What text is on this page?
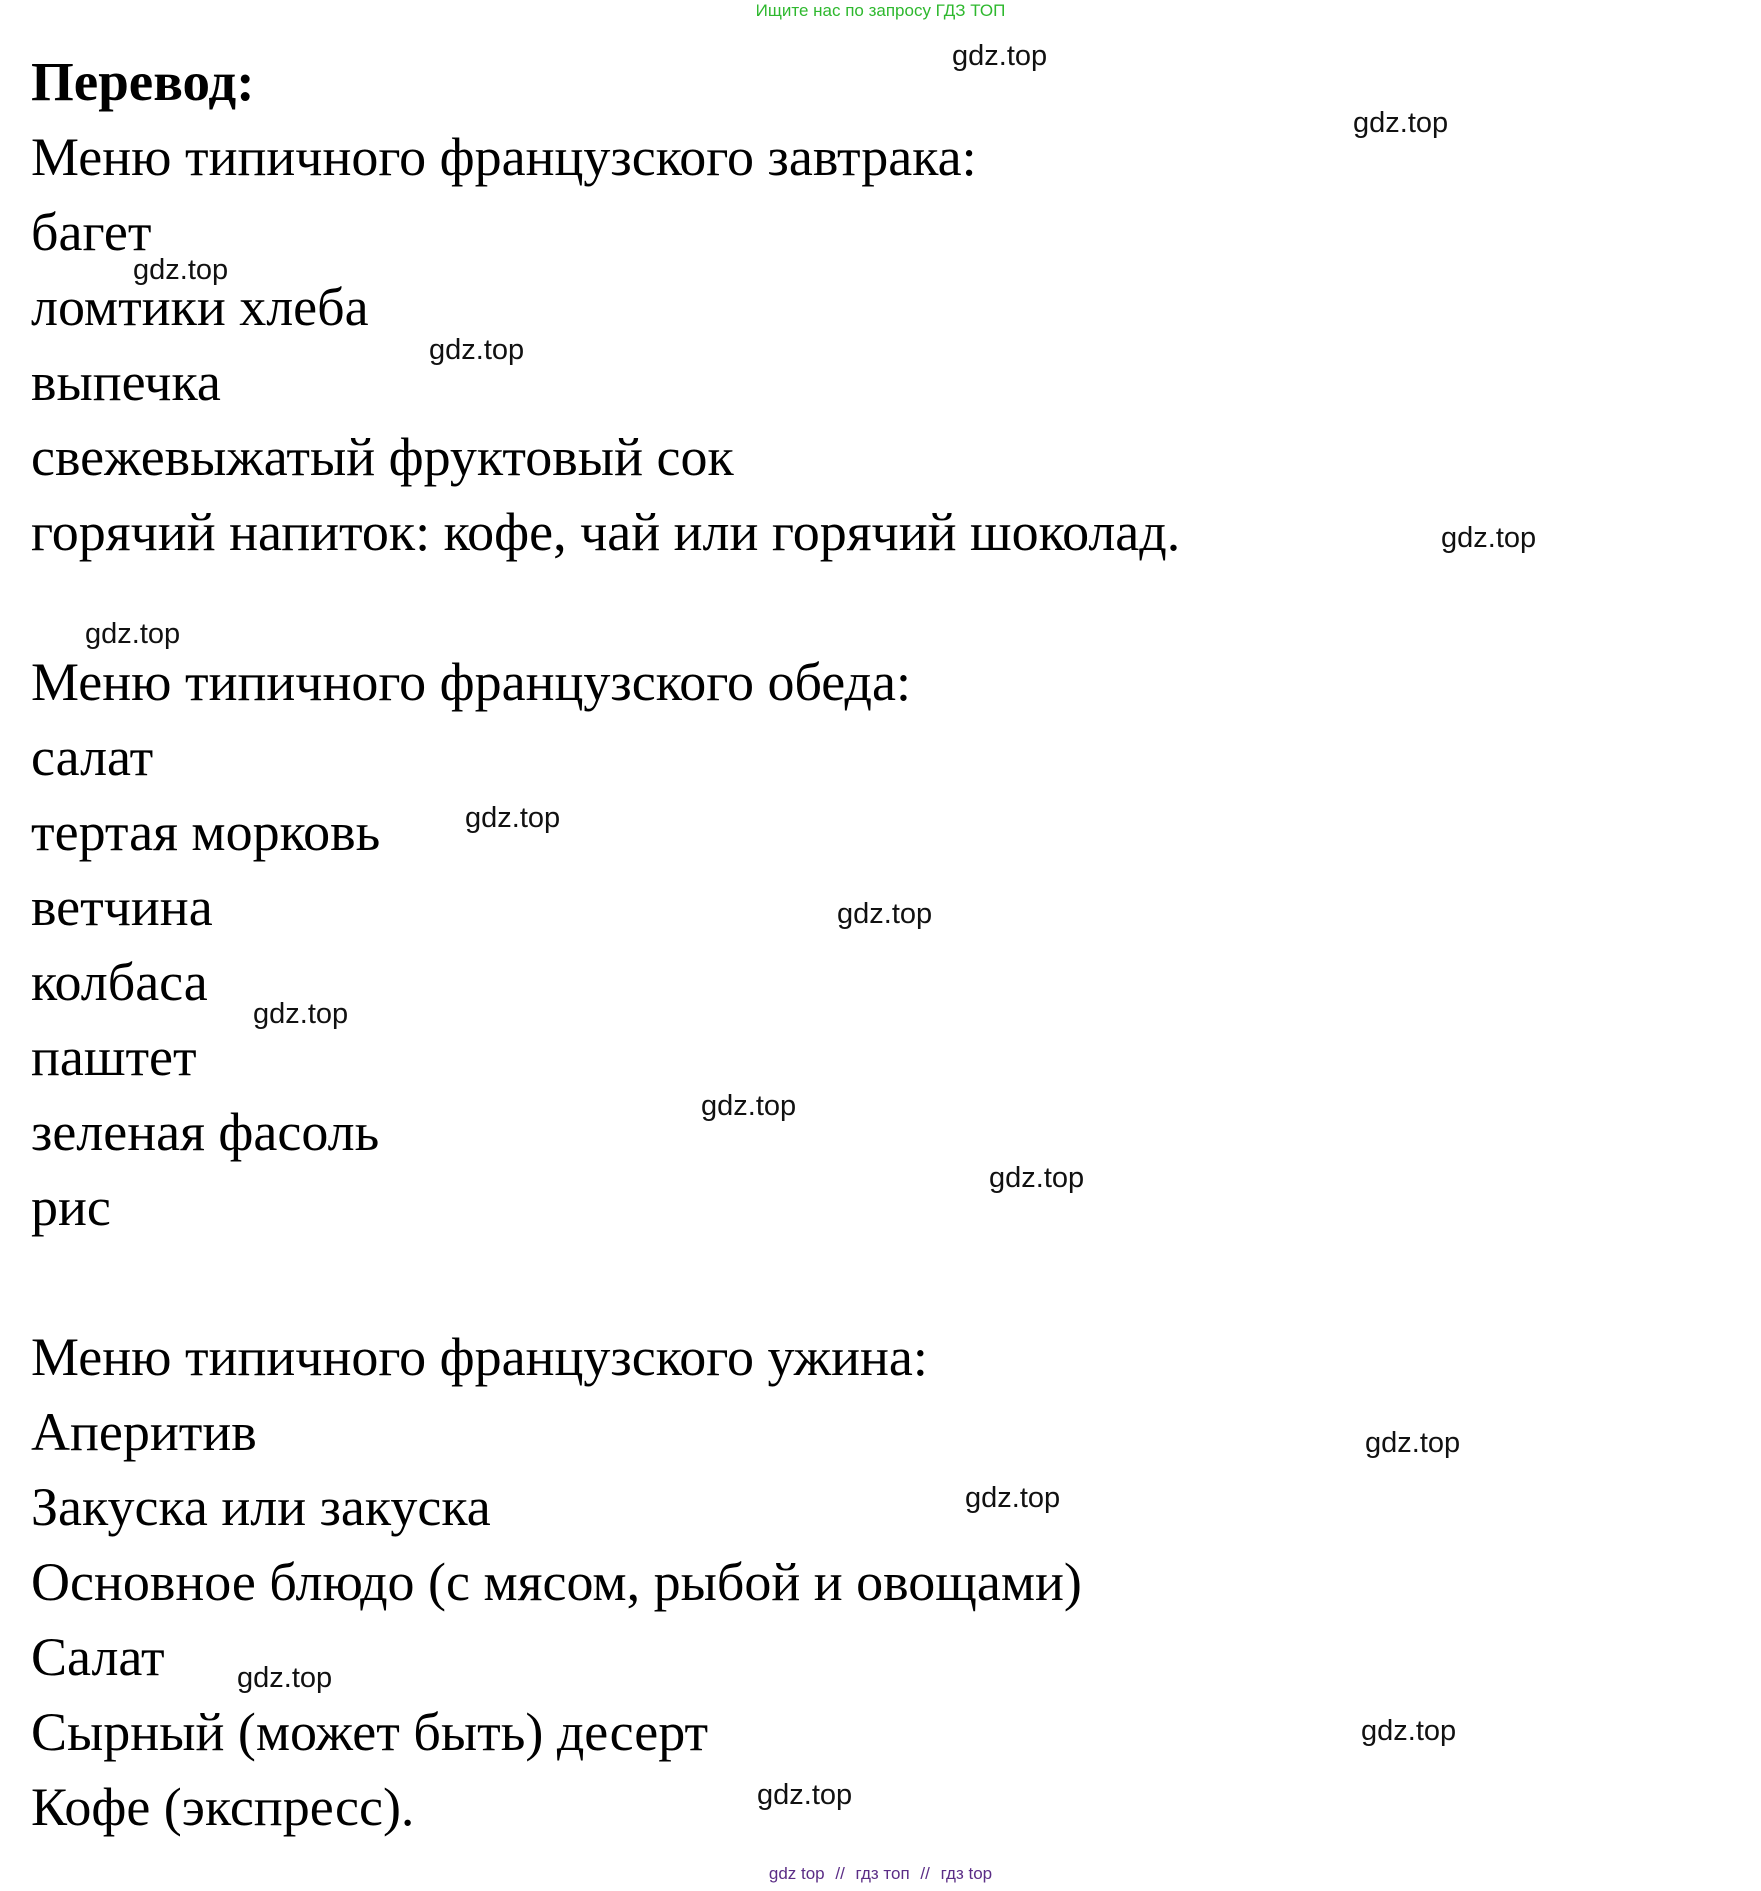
Ищите нас по запросу ГДЗ ТОП
Перевод:
Меню типичного французского завтрака:
багет
ломтики хлеба
выпечка
свежевыжатый фруктовый сок
горячий напиток: кофе, чай или горячий шоколад.
Меню типичного французского обеда:
салат
тертая морковь
ветчина
колбаса
паштет
зеленая фасоль
рис
Меню типичного французского ужина:
Аперитив
Закуска или закуска
Основное блюдо (с мясом, рыбой и овощами)
Салат
Сырный (может быть) десерт
Кофе (экспресс).
gdz.top
gdz.top
gdz.top
gdz.top
gdz.top
gdz.top
gdz.top
gdz.top
gdz.top
gdz.top
gdz.top
gdz.top
gdz.top
gdz.top
gdz.top
gdz.top
gdz top // гдз топ // гдз top
